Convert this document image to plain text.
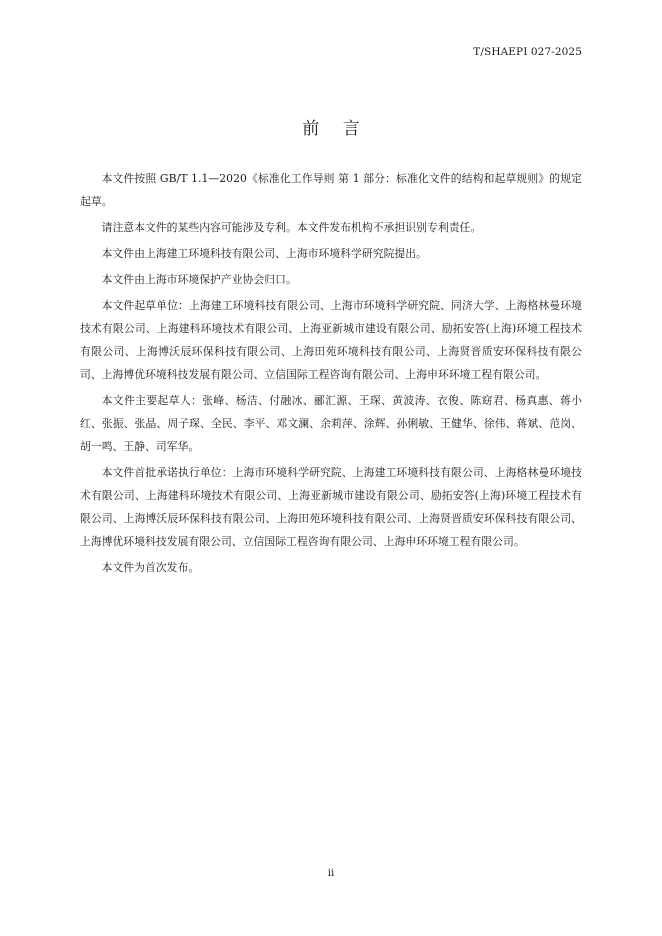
T/SHAEPI 027-2025
前 言

本文件按照 GB/T 1.1—2020《标准化工作导则 第 1 部分：标准化文件的结构和起草规则》的规定起草。

请注意本文件的某些内容可能涉及专利。本文件发布机构不承担识别专利责任。

本文件由上海建工环境科技有限公司、上海市环境科学研究院提出。

本文件由上海市环境保护产业协会归口。

本文件起草单位：上海建工环境科技有限公司、上海市环境科学研究院、同济大学、上海格林曼环境技术有限公司、上海建科环境技术有限公司、上海亚新城市建设有限公司、励拓安答(上海)环境工程技术有限公司、上海博沃辰环保科技有限公司、上海田苑环境科技有限公司、上海贤晋质安环保科技有限公司、上海博优环境科技发展有限公司、立信国际工程咨询有限公司、上海申环环境工程有限公司。

本文件主要起草人：张峰、杨洁、付融冰、郦汇源、王琛、黄波涛、衣俊、陈窈君、杨真惠、蒋小红、张振、张晶、周子琛、全民、李平、邓文澜、余莉萍、涂辉、孙俐敏、王健华、徐伟、蒋斌、范岗、胡一鸣、王静、司军华。

本文件首批承诺执行单位：上海市环境科学研究院、上海建工环境科技有限公司、上海格林曼环境技术有限公司、上海建科环境技术有限公司、上海亚新城市建设有限公司、励拓安答(上海)环境工程技术有限公司、上海博沃辰环保科技有限公司、上海田苑环境科技有限公司、上海贤晋质安环保科技有限公司、上海博优环境科技发展有限公司、立信国际工程咨询有限公司、上海申环环境工程有限公司。

本文件为首次发布。

ii
